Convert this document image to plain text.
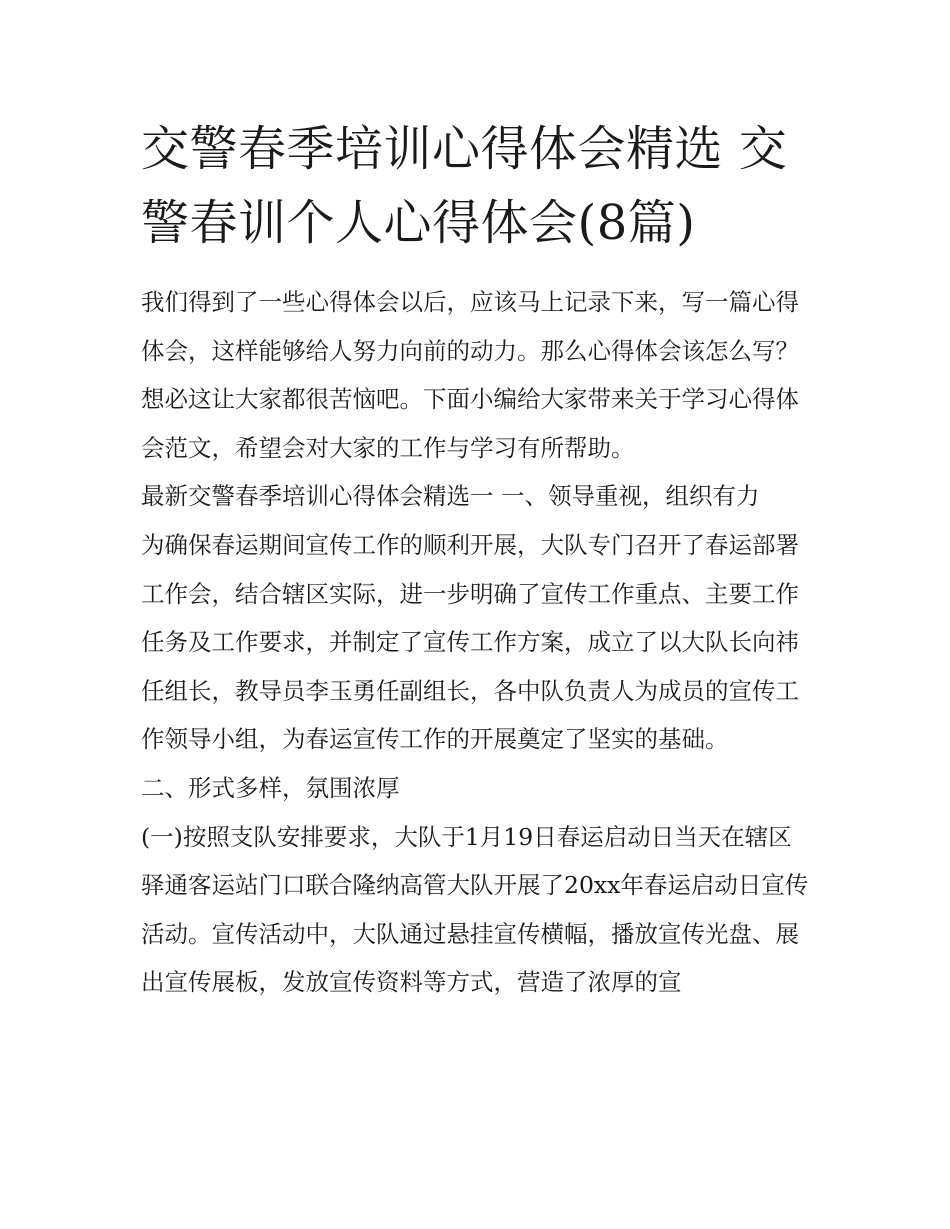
交警春季培训心得体会精选 交警春训个人心得体会(8篇)

我们得到了一些心得体会以后，应该马上记录下来，写一篇心得体会，这样能够给人努力向前的动力。那么心得体会该怎么写？想必这让大家都很苦恼吧。下面小编给大家带来关于学习心得体会范文，希望会对大家的工作与学习有所帮助。

最新交警春季培训心得体会精选一 一、领导重视，组织有力

为确保春运期间宣传工作的顺利开展，大队专门召开了春运部署工作会，结合辖区实际，进一步明确了宣传工作重点、主要工作任务及工作要求，并制定了宣传工作方案，成立了以大队长向祎任组长，教导员李玉勇任副组长，各中队负责人为成员的宣传工作领导小组，为春运宣传工作的开展奠定了坚实的基础。

二、形式多样，氛围浓厚

(一)按照支队安排要求，大队于1月19日春运启动日当天在辖区驿通客运站门口联合隆纳高管大队开展了20xx年春运启动日宣传活动。宣传活动中，大队通过悬挂宣传横幅，播放宣传光盘、展出宣传展板，发放宣传资料等方式，营造了浓厚的宣
